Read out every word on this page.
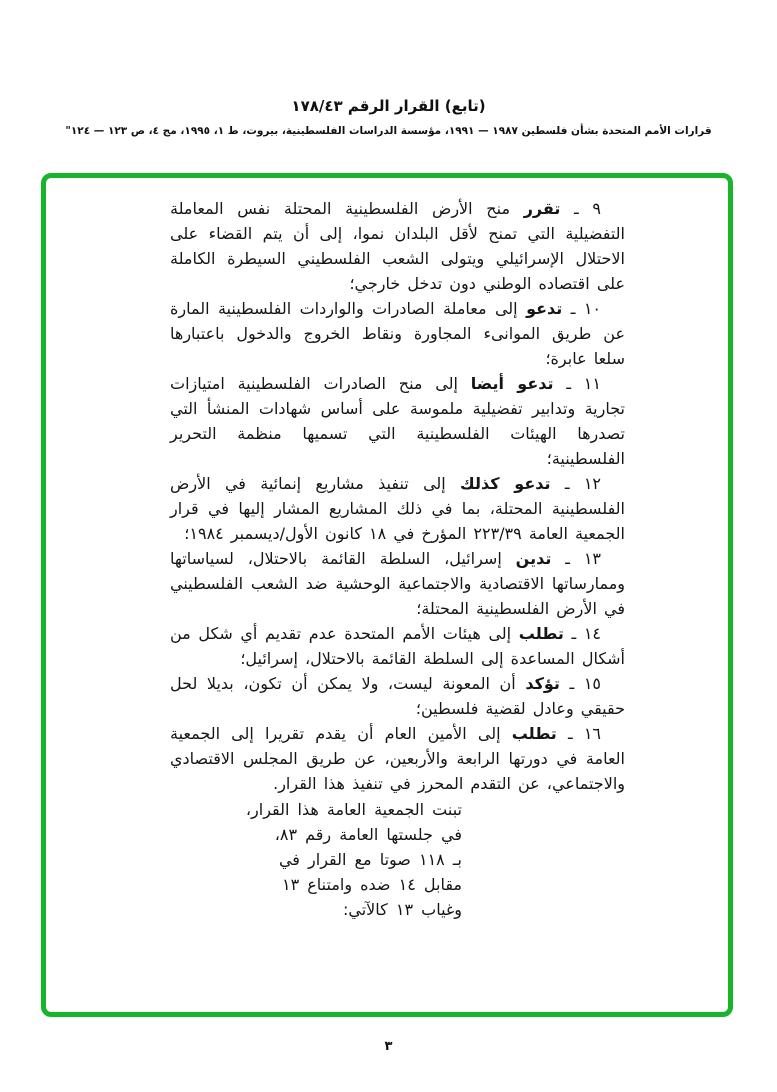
(تابع) القرار الرقم ١٧٨/٤٣
قرارات الأمم المتحدة بشأن فلسطين ١٩٨٧ — ١٩٩١، مؤسسة الدراسات الفلسطينية، بيروت، ط ١، ١٩٩٥، مج ٤، ص ١٢٣ — ١٢٤"

٩ ـ تقرر منح الأرض الفلسطينية المحتلة نفس المعاملة التفضيلية التي تمنح لأقل البلدان نموا، إلى أن يتم القضاء على الاحتلال الإسرائيلي ويتولى الشعب الفلسطيني السيطرة الكاملة على اقتصاده الوطني دون تدخل خارجي؛

١٠ ـ تدعو إلى معاملة الصادرات والواردات الفلسطينية المارة عن طريق الموانىء المجاورة ونقاط الخروج والدخول باعتبارها سلعا عابرة؛

١١ ـ تدعو أيضا إلى منح الصادرات الفلسطينية امتيازات تجارية وتدابير تفضيلية ملموسة على أساس شهادات المنشأ التي تصدرها الهيئات الفلسطينية التي تسميها منظمة التحرير الفلسطينية؛

١٢ ـ تدعو كذلك إلى تنفيذ مشاريع إنمائية في الأرض الفلسطينية المحتلة، بما في ذلك المشاريع المشار إليها في قرار الجمعية العامة ٢٢٣/٣٩ المؤرخ في ١٨ كانون الأول/ديسمبر ١٩٨٤؛

١٣ ـ تدين إسرائيل، السلطة القائمة بالاحتلال، لسياساتها وممارساتها الاقتصادية والاجتماعية الوحشية ضد الشعب الفلسطيني في الأرض الفلسطينية المحتلة؛

١٤ ـ تطلب إلى هيئات الأمم المتحدة عدم تقديم أي شكل من أشكال المساعدة إلى السلطة القائمة بالاحتلال، إسرائيل؛

١٥ ـ تؤكد أن المعونة ليست، ولا يمكن أن تكون، بديلا لحل حقيقي وعادل لقضية فلسطين؛

١٦ ـ تطلب إلى الأمين العام أن يقدم تقريرا إلى الجمعية العامة في دورتها الرابعة والأربعين، عن طريق المجلس الاقتصادي والاجتماعي، عن التقدم المحرز في تنفيذ هذا القرار.

تبنت الجمعية العامة هذا القرار،
في جلستها العامة رقم ٨٣،
بـ ١١٨ صوتا مع القرار في
مقابل ١٤ ضده وامتناع ١٣
وغياب ١٣ كالآتي:
٣
